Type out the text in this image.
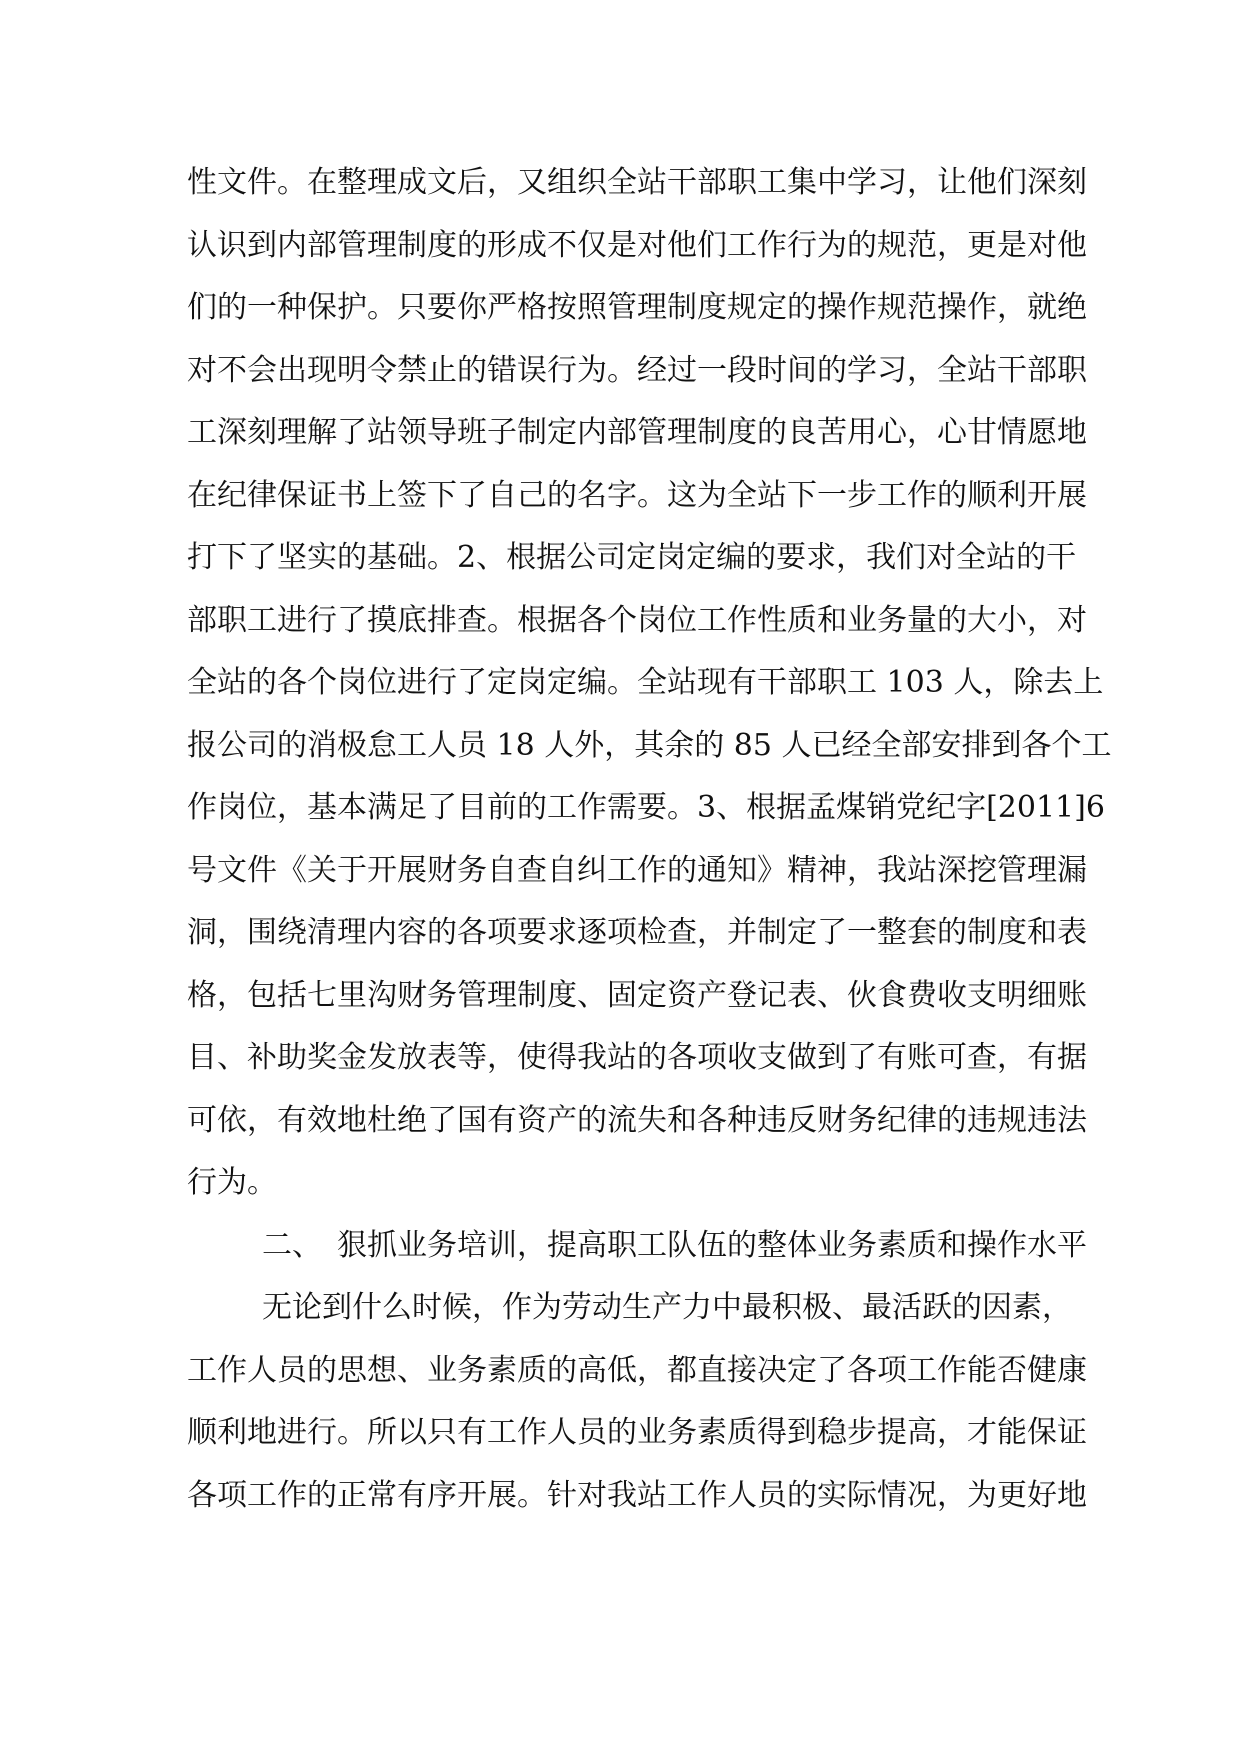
性文件。在整理成文后，又组织全站干部职工集中学习，让他们深刻
认识到内部管理制度的形成不仅是对他们工作行为的规范，更是对他
们的一种保护。只要你严格按照管理制度规定的操作规范操作，就绝
对不会出现明令禁止的错误行为。经过一段时间的学习，全站干部职
工深刻理解了站领导班子制定内部管理制度的良苦用心，心甘情愿地
在纪律保证书上签下了自己的名字。这为全站下一步工作的顺利开展
打下了坚实的基础。2、根据公司定岗定编的要求，我们对全站的干
部职工进行了摸底排查。根据各个岗位工作性质和业务量的大小，对
全站的各个岗位进行了定岗定编。全站现有干部职工 103 人，除去上
报公司的消极怠工人员 18 人外，其余的 85 人已经全部安排到各个工
作岗位，基本满足了目前的工作需要。3、根据孟煤销党纪字[2011]6
号文件《关于开展财务自查自纠工作的通知》精神，我站深挖管理漏
洞，围绕清理内容的各项要求逐项检查，并制定了一整套的制度和表
格，包括七里沟财务管理制度、固定资产登记表、伙食费收支明细账
目、补助奖金发放表等，使得我站的各项收支做到了有账可查，有据
可依，有效地杜绝了国有资产的流失和各种违反财务纪律的违规违法
行为。
二、　狠抓业务培训，提高职工队伍的整体业务素质和操作水平
无论到什么时候，作为劳动生产力中最积极、最活跃的因素，
工作人员的思想、业务素质的高低，都直接决定了各项工作能否健康
顺利地进行。所以只有工作人员的业务素质得到稳步提高，才能保证
各项工作的正常有序开展。针对我站工作人员的实际情况，为更好地
